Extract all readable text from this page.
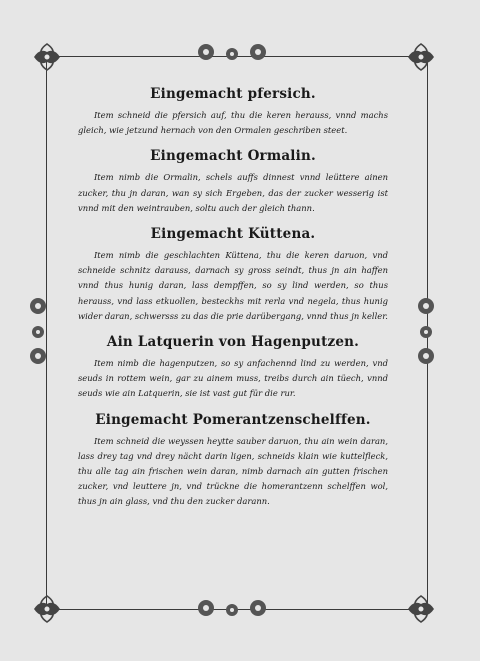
Eingemacht pfersich.

Item schneid die pfersich auf, thu die keren herauss, vnnd machs gleich, wie jetzund hernach von den Ormalen geschriben steet.

Eingemacht Ormalin.

Item nimb die Ormalin, schels auffs dinnest vnnd leüttere ainen zucker, thu jn daran, wan sy sich Ergeben, das der zucker wesserig ist vnnd mit den weintrauben, soltu auch der gleich thann.

Eingemacht Küttena.

Item nimb die geschlachten Küttena, thu die keren daruon, vnd schneide schnitz darauss, darnach sy gross seindt, thus jn ain haffen vnnd thus hunig daran, lass dempffen, so sy lind werden, so thus herauss, vnd lass etkuollen, besteckhs mit rerla vnd negela, thus hunig wider daran, schwersss zu das die prie darübergang, vnnd thus jn keller.

Ain Latquerin von Hagenputzen.

Item nimb die hagenputzen, so sy anfachennd lind zu werden, vnd seuds in rottem wein, gar zu ainem muss, treibs durch ain tüech, vnnd seuds wie ain Latquerin, sie ist vast gut für die rur.

Eingemacht Pomerantzenschelffen.

Item schneid die weyssen heytte sauber daruon, thu ain wein daran, lass drey tag vnd drey nächt darin ligen, schneids klain wie kuttelfleck, thu alle tag ain frischen wein daran, nimb darnach ain gutten frischen zucker, vnd leuttere jn, vnd trückne die homerantzenn schelffen wol, thus jn ain glass, vnd thu den zucker darann.
